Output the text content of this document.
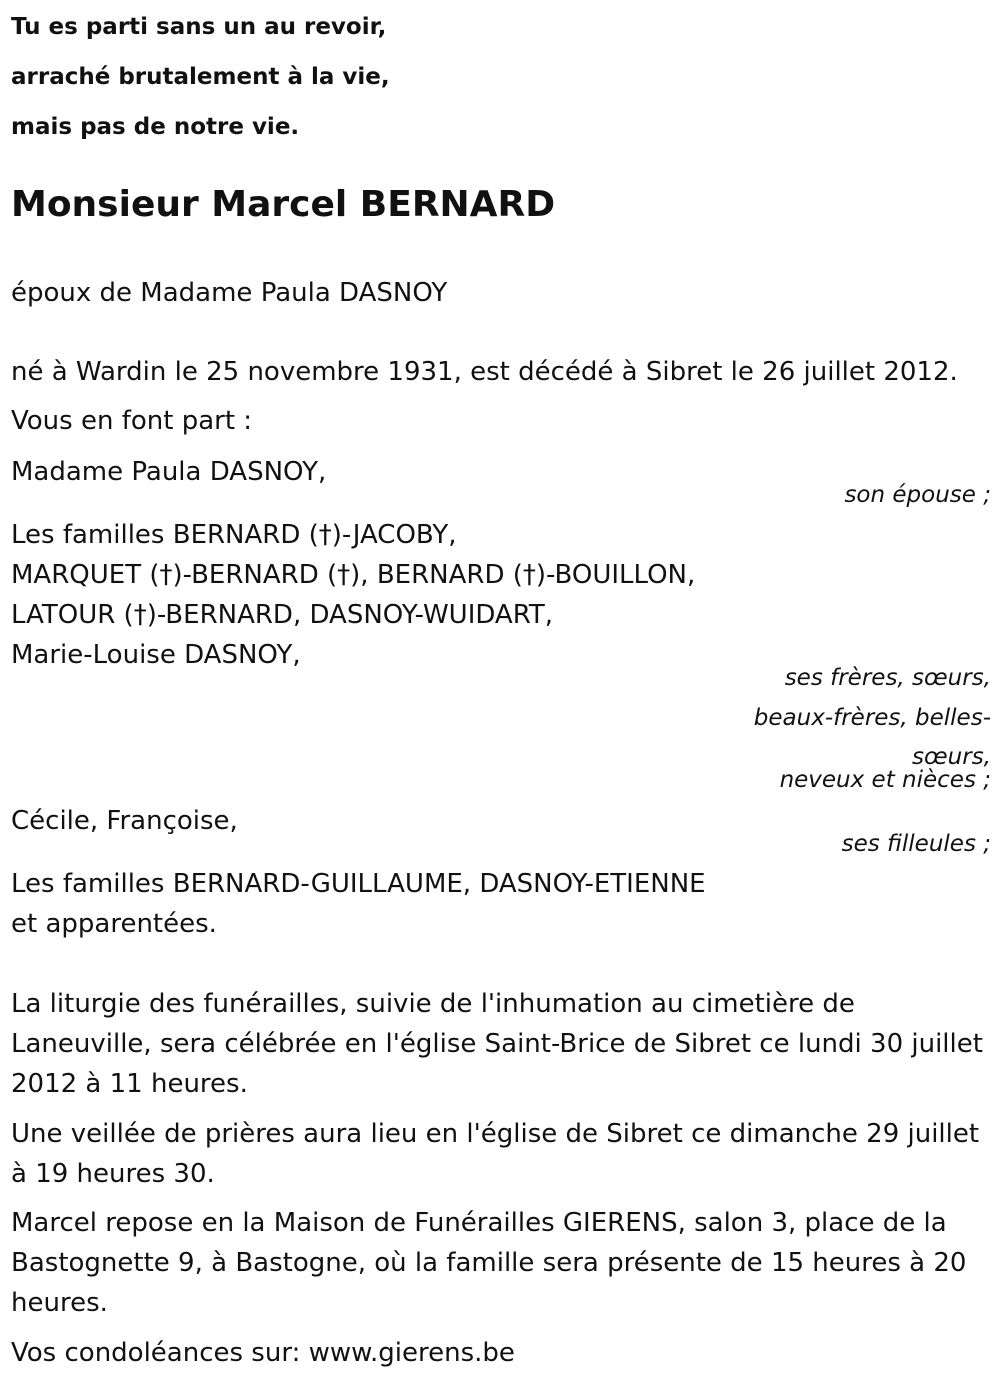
Tu es parti sans un au revoir,

arraché brutalement à la vie,

mais pas de notre vie.

Monsieur Marcel BERNARD

époux de Madame Paula DASNOY

né à Wardin le 25 novembre 1931, est décédé à Sibret le 26 juillet 2012.

Vous en font part :

Madame Paula DASNOY,

son épouse ;

Les familles BERNARD (†)-JACOBY,

MARQUET (†)-BERNARD (†), BERNARD (†)-BOUILLON,

LATOUR (†)-BERNARD, DASNOY-WUIDART,

Marie-Louise DASNOY,

ses frères, sœurs,

beaux-frères, belles-

sœurs,

neveux et nièces ;

Cécile, Françoise,

ses filleules ;

Les familles BERNARD-GUILLAUME, DASNOY-ETIENNE

et apparentées.

La liturgie des funérailles, suivie de l'inhumation au cimetière de Laneuville, sera célébrée en l'église Saint-Brice de Sibret ce lundi 30 juillet 2012 à 11 heures.

Une veillée de prières aura lieu en l'église de Sibret ce dimanche 29 juillet à 19 heures 30.

Marcel repose en la Maison de Funérailles GIERENS, salon 3, place de la Bastognette 9, à Bastogne, où la famille sera présente de 15 heures à 20 heures.

Vos condoléances sur: www.gierens.be
